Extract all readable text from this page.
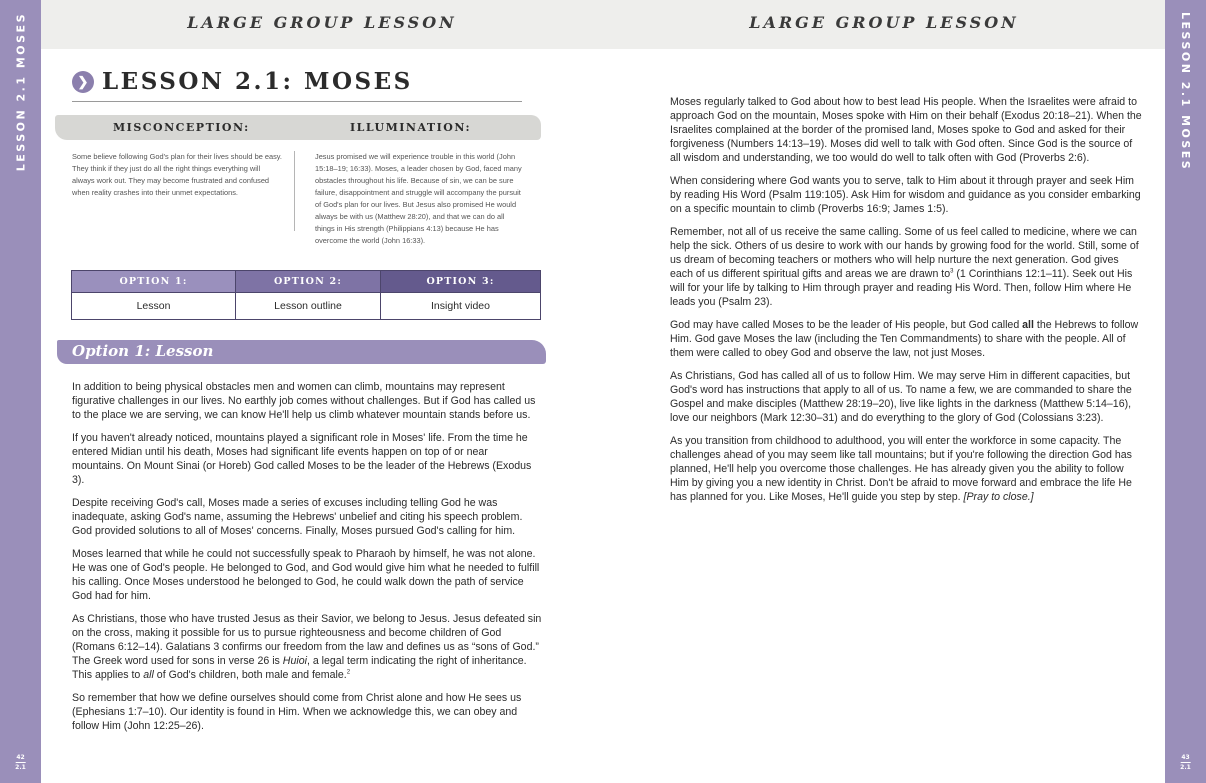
LESSON 2.1 MOSES
42
2.1
LESSON 2.1 MOSES
43
2.1
LARGE GROUP LESSON	LARGE GROUP LESSON
❯ LESSON 2.1: MOSES
MISCONCEPTION:	ILLUMINATION:
Some believe following God's plan for their lives should be easy. They think if they just do all the right things everything will always work out. They may become frustrated and confused when reality crashes into their unmet expectations.
Jesus promised we will experience trouble in this world (John 15:18–19; 16:33). Moses, a leader chosen by God, faced many obstacles throughout his life. Because of sin, we can be sure failure, disappointment and struggle will accompany the pursuit of God's plan for our lives. But Jesus also promised He would always be with us (Matthew 28:20), and that we can do all things in His strength (Philippians 4:13) because He has overcome the world (John 16:33).
OPTION 1:	OPTION 2:	OPTION 3:
Lesson	Lesson outline	Insight video
Option 1: Lesson

In addition to being physical obstacles men and women can climb, mountains may represent figurative challenges in our lives. No earthly job comes without challenges. But if God has called us to the place we are serving, we can know He'll help us climb whatever mountain stands before us.

If you haven't already noticed, mountains played a significant role in Moses' life. From the time he entered Midian until his death, Moses had significant life events happen on top of or near mountains. On Mount Sinai (or Horeb) God called Moses to be the leader of the Hebrews (Exodus 3).

Despite receiving God's call, Moses made a series of excuses including telling God he was inadequate, asking God's name, assuming the Hebrews' unbelief and citing his speech problem. God provided solutions to all of Moses' concerns. Finally, Moses pursued God's calling for him.

Moses learned that while he could not successfully speak to Pharaoh by himself, he was not alone. He was one of God's people. He belonged to God, and God would give him what he needed to fulfill his calling. Once Moses understood he belonged to God, he could walk down the path of service God had for him.

As Christians, those who have trusted Jesus as their Savior, we belong to Jesus. Jesus defeated sin on the cross, making it possible for us to pursue righteousness and become children of God (Romans 6:12–14). Galatians 3 confirms our freedom from the law and defines us as “sons of God.” The Greek word used for sons in verse 26 is Huioi, a legal term indicating the right of inheritance. This applies to all of God's children, both male and female.$^2$

So remember that how we define ourselves should come from Christ alone and how He sees us (Ephesians 1:7–10). Our identity is found in Him. When we acknowledge this, we can obey and follow Him (John 12:25–26).

Moses regularly talked to God about how to best lead His people. When the Israelites were afraid to approach God on the mountain, Moses spoke with Him on their behalf (Exodus 20:18–21). When the Israelites complained at the border of the promised land, Moses spoke to God and asked for their forgiveness (Numbers 14:13–19). Moses did well to talk with God often. Since God is the source of all wisdom and understanding, we too would do well to talk often with God (Proverbs 2:6).

When considering where God wants you to serve, talk to Him about it through prayer and seek Him by reading His Word (Psalm 119:105). Ask Him for wisdom and guidance as you consider embarking on a specific mountain to climb (Proverbs 16:9; James 1:5).

Remember, not all of us receive the same calling. Some of us feel called to medicine, where we can help the sick. Others of us desire to work with our hands by growing food for the world. Still, some of us dream of becoming teachers or mothers who will help nurture the next generation. God gives each of us different spiritual gifts and areas we are drawn $to^3$ (1 Corinthians 12:1–11). Seek out His will for your life by talking to Him through prayer and reading His Word. Then, follow Him where He leads you (Psalm 23).

God may have called Moses to be the leader of His people, but God called all the Hebrews to follow Him. God gave Moses the law (including the Ten Commandments) to share with the people. All of them were called to obey God and observe the law, not just Moses.

As Christians, God has called all of us to follow Him. We may serve Him in different capacities, but God's word has instructions that apply to all of us. To name a few, we are commanded to share the Gospel and make disciples (Matthew 28:19–20), live like lights in the darkness (Matthew 5:14–16), love our neighbors (Mark 12:30–31) and do everything to the glory of God (Colossians 3:23).

As you transition from childhood to adulthood, you will enter the workforce in some capacity. The challenges ahead of you may seem like tall mountains; but if you're following the direction God has planned, He'll help you overcome those challenges. He has already given you the ability to follow Him by giving you a new identity in Christ. Don't be afraid to move forward and embrace the life He has planned for you. Like Moses, He'll guide you step by step. [Pray to close.]
